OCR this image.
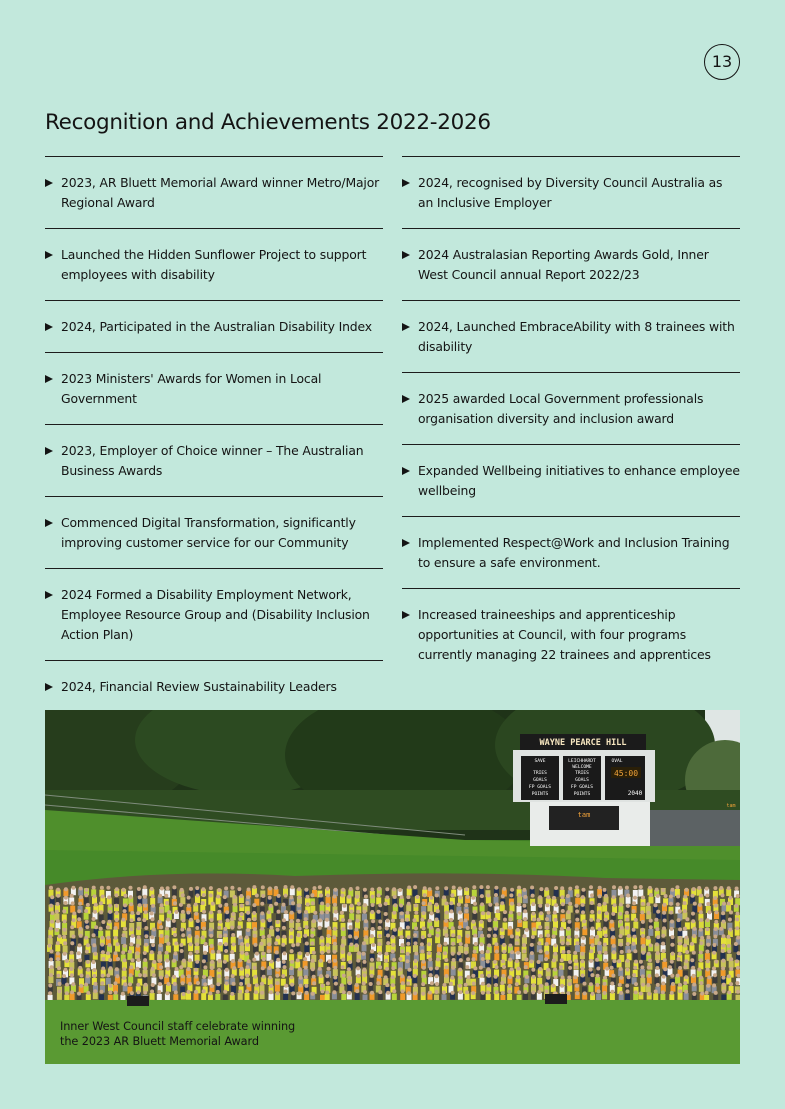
13
Recognition and Achievements 2022-2026
2023, AR Bluett Memorial Award winner Metro/Major Regional Award
Launched the Hidden Sunflower Project to support employees with disability
2024, Participated in the Australian Disability Index
2023 Ministers' Awards for Women in Local Government
2023, Employer of Choice winner – The Australian Business Awards
Commenced Digital Transformation, significantly improving customer service for our Community
2024 Formed a Disability Employment Network, Employee Resource Group and (Disability Inclusion Action Plan)
2024, Financial Review Sustainability Leaders
2024, recognised by Diversity Council Australia as an Inclusive Employer
2024 Australasian Reporting Awards Gold, Inner West Council annual Report 2022/23
2024, Launched EmbraceAbility with 8 trainees with disability
2025 awarded Local Government professionals organisation diversity and inclusion award
Expanded Wellbeing initiatives to enhance employee wellbeing
Implemented Respect@Work and Inclusion Training to ensure a safe environment.
Increased traineeships and apprenticeship opportunities at Council, with four programs currently managing 22 trainees and apprentices
WAYNE PEARCE HILL
SAVE
TRIES
GOALS
FP GOALS
POINTS
LEICHHARDT
WELCOME
TRIES
GOALS
FP GOALS
POINTS
OVAL
45:00
2040
tam
tam
Inner West Council staff celebrate winning
the 2023 AR Bluett Memorial Award
